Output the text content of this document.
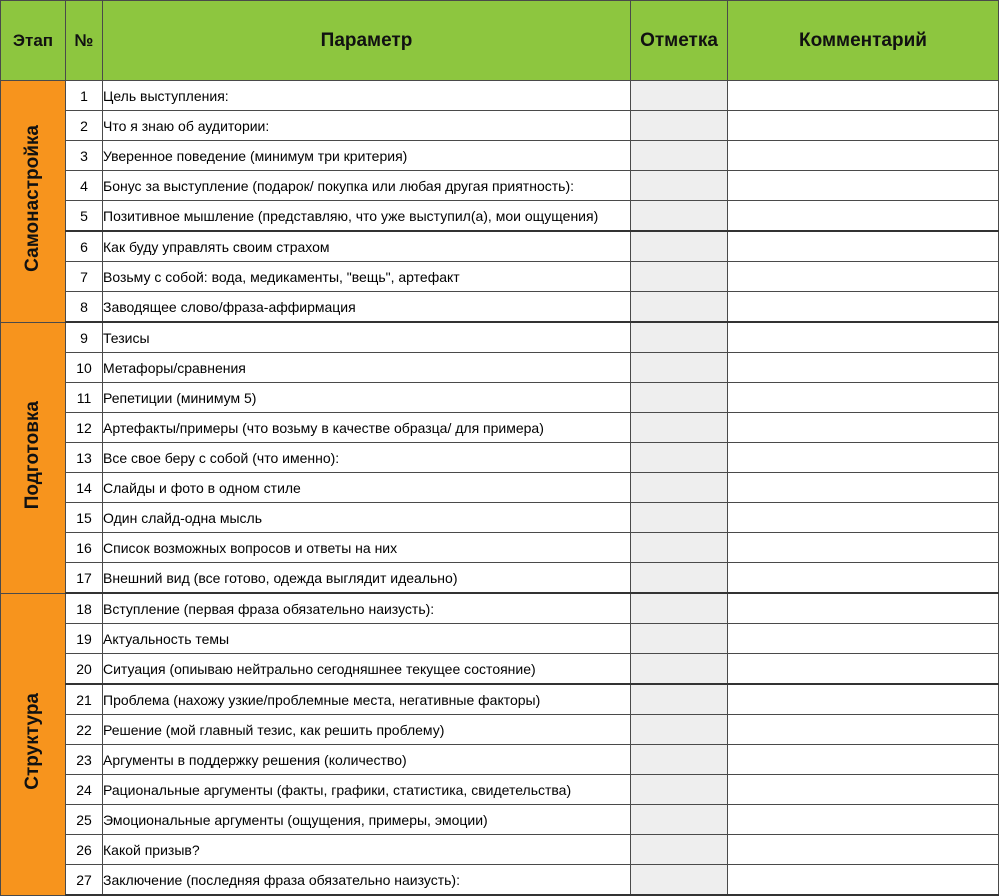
Этап	№	Параметр	Отметка	Комментарий
Самонастройка	1	Цель выступления:		
	2	Что я знаю об аудитории:		
	3	Уверенное поведение (минимум три критерия)		
	4	Бонус за выступление (подарок/ покупка или любая другая приятность):		
	5	Позитивное мышление (представляю, что уже выступил(а), мои ощущения)		
	6	Как буду управлять своим страхом		
	7	Возьму с собой: вода, медикаменты, "вещь", артефакт		
	8	Заводящее слово/фраза-аффирмация		
Подготовка	9	Тезисы		
	10	Метафоры/сравнения		
	11	Репетиции (минимум 5)		
	12	Артефакты/примеры (что возьму в качестве образца/ для примера)		
	13	Все свое беру с собой (что именно):		
	14	Слайды и фото в одном стиле		
	15	Один слайд-одна мысль		
	16	Список возможных вопросов и ответы на них		
	17	Внешний вид (все готово, одежда выглядит идеально)		
Структура	18	Вступление (первая фраза обязательно наизусть):		
	19	Актуальность темы		
	20	Ситуация (опиываю нейтрально сегодняшнее текущее состояние)		
	21	Проблема (нахожу узкие/проблемные места, негативные факторы)		
	22	Решение (мой главный тезис, как решить проблему)		
	23	Аргументы в поддержку решения (количество)		
	24	Рациональные аргументы (факты, графики, статистика, свидетельства)		
	25	Эмоциональные аргументы (ощущения, примеры, эмоции)		
	26	Какой призыв?		
	27	Заключение (последняя фраза обязательно наизусть):		
